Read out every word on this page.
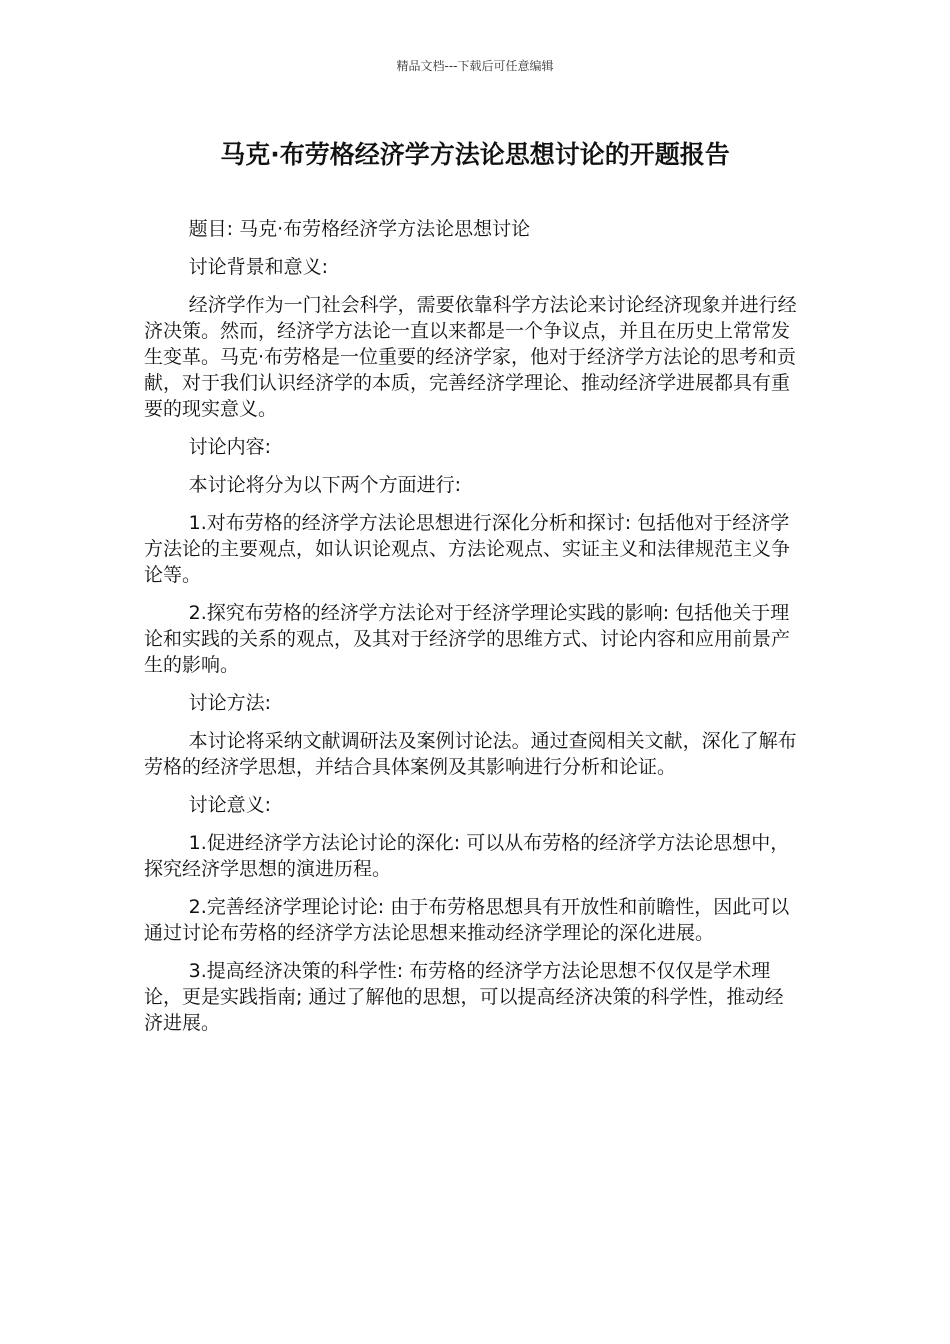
精品文档---下载后可任意编辑
马克·布劳格经济学方法论思想讨论的开题报告

题目: 马克·布劳格经济学方法论思想讨论

讨论背景和意义:

经济学作为一门社会科学，需要依靠科学方法论来讨论经济现象并进行经济决策。然而，经济学方法论一直以来都是一个争议点，并且在历史上常常发生变革。马克·布劳格是一位重要的经济学家，他对于经济学方法论的思考和贡献，对于我们认识经济学的本质，完善经济学理论、推动经济学进展都具有重要的现实意义。

讨论内容:

本讨论将分为以下两个方面进行:

1.对布劳格的经济学方法论思想进行深化分析和探讨: 包括他对于经济学方法论的主要观点，如认识论观点、方法论观点、实证主义和法律规范主义争论等。

2.探究布劳格的经济学方法论对于经济学理论实践的影响: 包括他关于理论和实践的关系的观点，及其对于经济学的思维方式、讨论内容和应用前景产生的影响。

讨论方法:

本讨论将采纳文献调研法及案例讨论法。通过查阅相关文献，深化了解布劳格的经济学思想，并结合具体案例及其影响进行分析和论证。

讨论意义:

1.促进经济学方法论讨论的深化: 可以从布劳格的经济学方法论思想中，探究经济学思想的演进历程。

2.完善经济学理论讨论: 由于布劳格思想具有开放性和前瞻性，因此可以通过讨论布劳格的经济学方法论思想来推动经济学理论的深化进展。

3.提高经济决策的科学性: 布劳格的经济学方法论思想不仅仅是学术理论，更是实践指南; 通过了解他的思想，可以提高经济决策的科学性，推动经济进展。
